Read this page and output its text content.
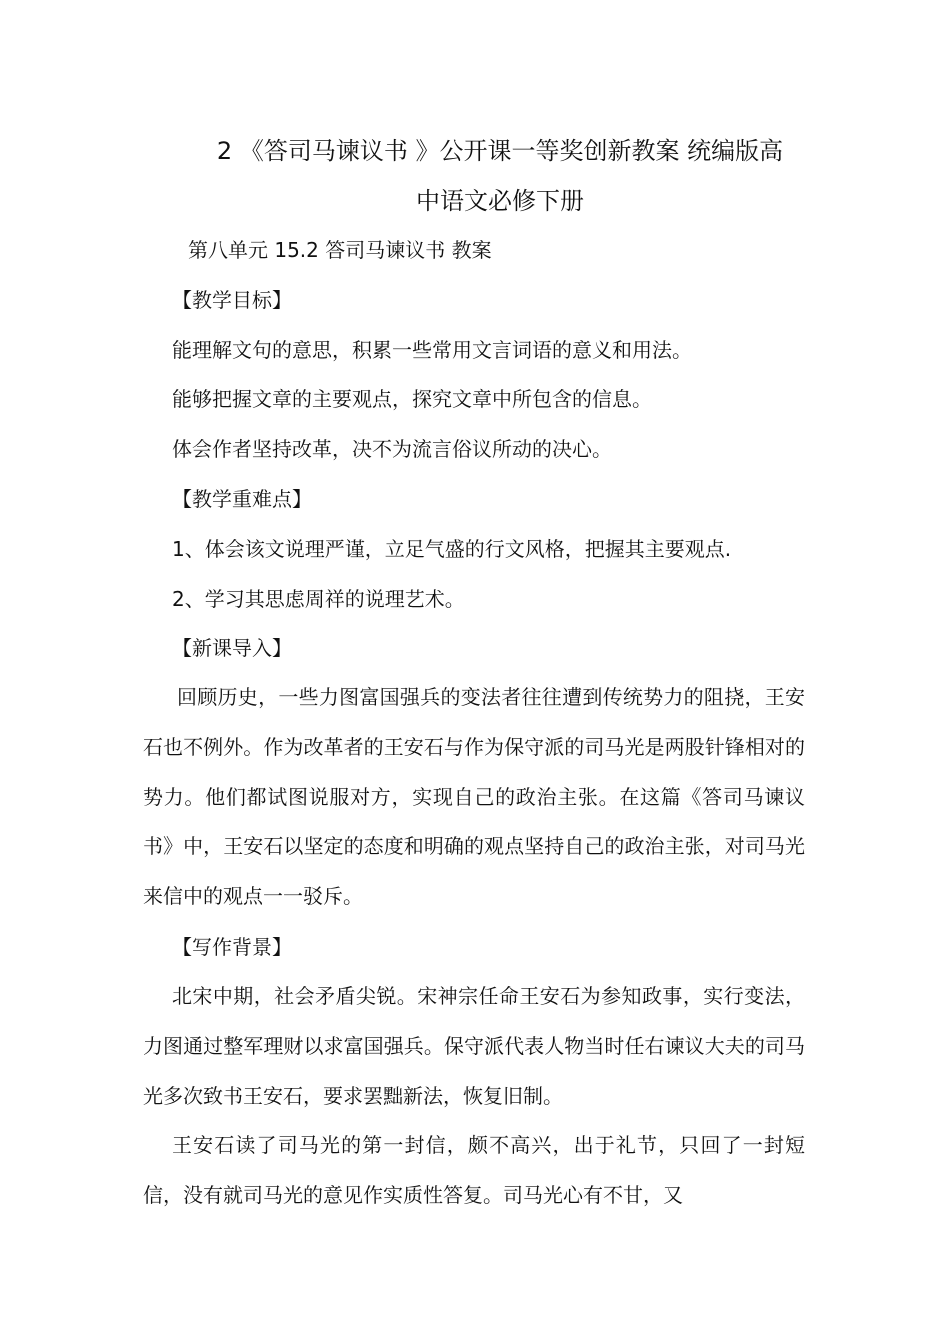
2 《答司马谏议书 》公开课一等奖创新教案 统编版高
中语文必修下册
第八单元 15.2 答司马谏议书 教案
【教学目标】
能理解文句的意思，积累一些常用文言词语的意义和用法。
能够把握文章的主要观点，探究文章中所包含的信息。
体会作者坚持改革，决不为流言俗议所动的决心。
【教学重难点】
1、体会该文说理严谨，立足气盛的行文风格，把握其主要观点.
2、学习其思虑周祥的说理艺术。
【新课导入】
回顾历史，一些力图富国强兵的变法者往往遭到传统势力的阻挠，王安石也不例外。作为改革者的王安石与作为保守派的司马光是两股针锋相对的势力。他们都试图说服对方，实现自己的政治主张。在这篇《答司马谏议书》中，王安石以坚定的态度和明确的观点坚持自己的政治主张，对司马光来信中的观点一一驳斥。
【写作背景】
北宋中期，社会矛盾尖锐。宋神宗任命王安石为参知政事，实行变法，力图通过整军理财以求富国强兵。保守派代表人物当时任右谏议大夫的司马光多次致书王安石，要求罢黜新法，恢复旧制。
王安石读了司马光的第一封信，颇不高兴，出于礼节，只回了一封短信，没有就司马光的意见作实质性答复。司马光心有不甘，又
